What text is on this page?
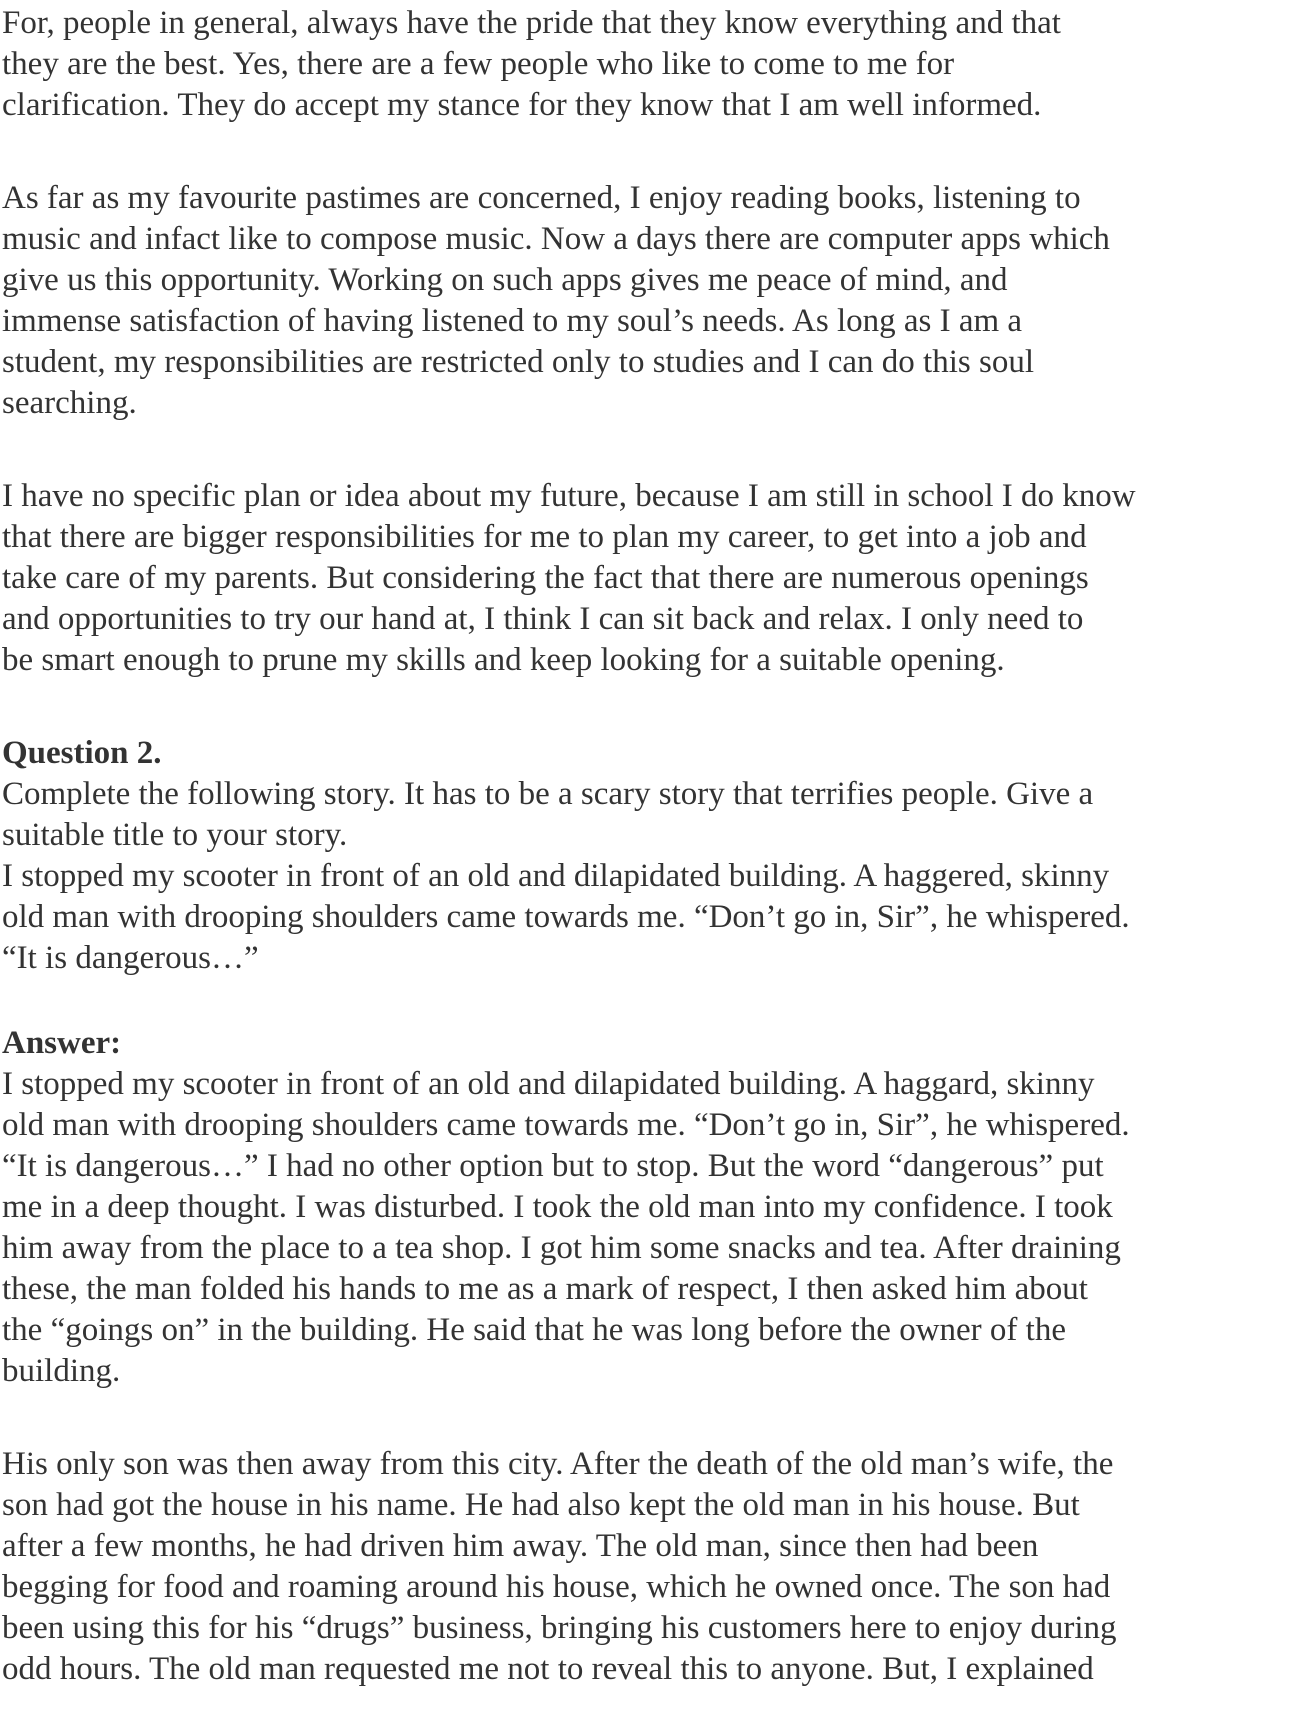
For, people in general, always have the pride that they know everything and that
they are the best. Yes, there are a few people who like to come to me for
clarification. They do accept my stance for they know that I am well informed.
As far as my favourite pastimes are concerned, I enjoy reading books, listening to
music and infact like to compose music. Now a days there are computer apps which
give us this opportunity. Working on such apps gives me peace of mind, and
immense satisfaction of having listened to my soul’s needs. As long as I am a
student, my responsibilities are restricted only to studies and I can do this soul
searching.
I have no specific plan or idea about my future, because I am still in school I do know
that there are bigger responsibilities for me to plan my career, to get into a job and
take care of my parents. But considering the fact that there are numerous openings
and opportunities to try our hand at, I think I can sit back and relax. I only need to
be smart enough to prune my skills and keep looking for a suitable opening.
Question 2.
Complete the following story. It has to be a scary story that terrifies people. Give a
suitable title to your story.
I stopped my scooter in front of an old and dilapidated building. A haggered, skinny
old man with drooping shoulders came towards me. “Don’t go in, Sir”, he whispered.
“It is dangerous…”
Answer:
I stopped my scooter in front of an old and dilapidated building. A haggard, skinny
old man with drooping shoulders came towards me. “Don’t go in, Sir”, he whispered.
“It is dangerous…” I had no other option but to stop. But the word “dangerous” put
me in a deep thought. I was disturbed. I took the old man into my confidence. I took
him away from the place to a tea shop. I got him some snacks and tea. After draining
these, the man folded his hands to me as a mark of respect, I then asked him about
the “goings on” in the building. He said that he was long before the owner of the
building.
His only son was then away from this city. After the death of the old man’s wife, the
son had got the house in his name. He had also kept the old man in his house. But
after a few months, he had driven him away. The old man, since then had been
begging for food and roaming around his house, which he owned once. The son had
been using this for his “drugs” business, bringing his customers here to enjoy during
odd hours. The old man requested me not to reveal this to anyone. But, I explained
